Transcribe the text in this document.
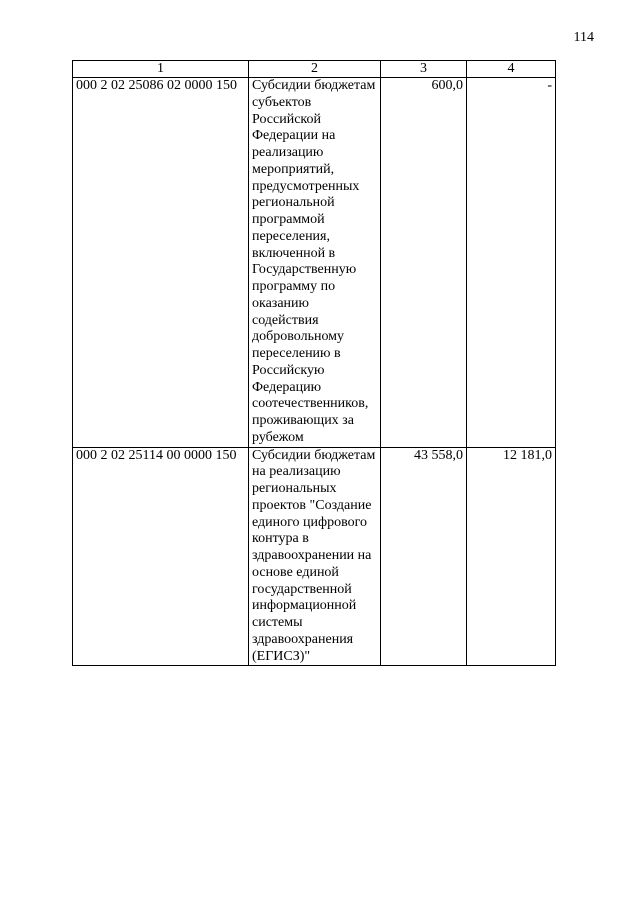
114
1	2	3	4
000 2 02 25086 02 0000 150	Субсидии бюджетам субъектов Российской Федерации на реализацию мероприятий, предусмотренных региональной программой переселения, включенной в Государственную программу по оказанию содействия добровольному переселению в Российскую Федерацию соотечественников, проживающих за рубежом	600,0	-
000 2 02 25114 00 0000 150	Субсидии бюджетам на реализацию региональных проектов "Создание единого цифрового контура в здравоохранении на основе единой государственной информационной системы здравоохранения (ЕГИСЗ)"	43 558,0	12 181,0
